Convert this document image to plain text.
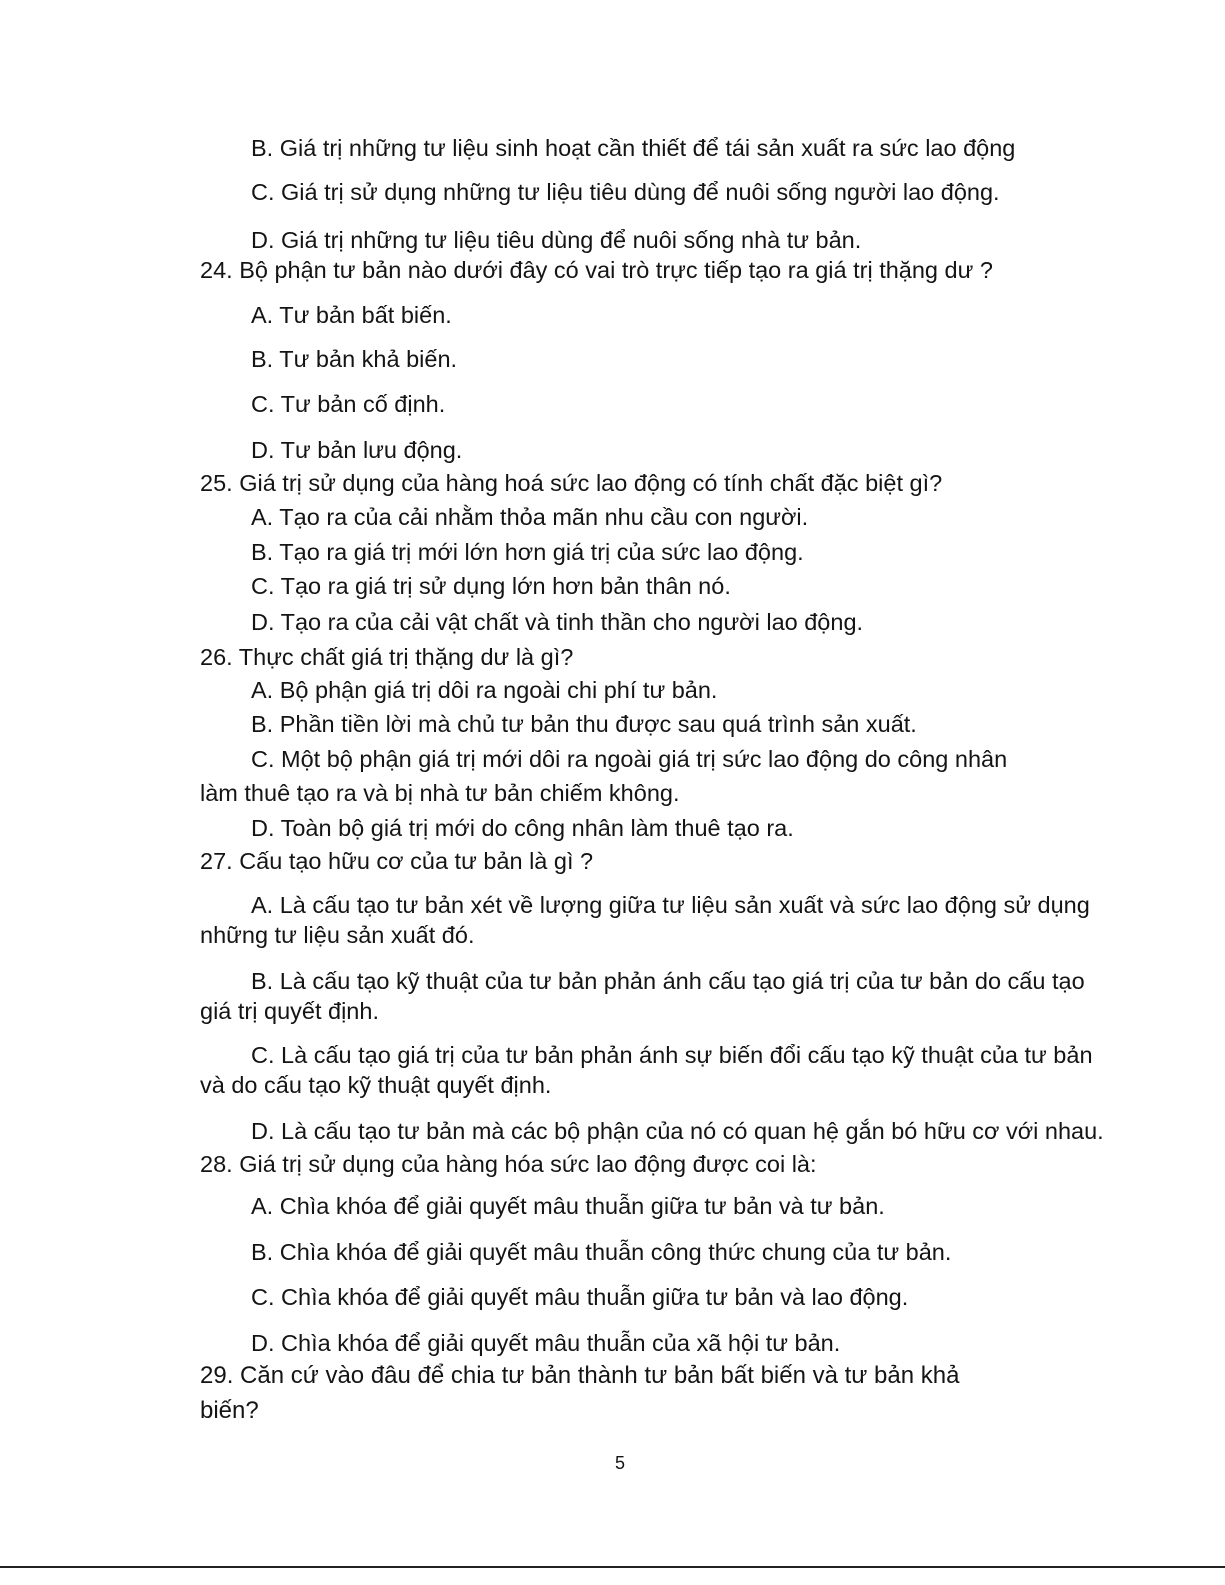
B. Giá trị những tư liệu sinh hoạt cần thiết để tái sản xuất ra sức lao động
C. Giá trị sử dụng những tư liệu tiêu dùng để nuôi sống người lao động.
D. Giá trị những tư liệu tiêu dùng để nuôi sống nhà tư bản.
24. Bộ phận tư bản nào dưới đây có vai trò trực tiếp tạo ra giá trị thặng dư ?
A. Tư bản bất biến.
B. Tư bản khả biến.
C. Tư bản cố định.
D. Tư bản lưu động.
25. Giá trị sử dụng của hàng hoá sức lao động có tính chất đặc biệt gì?
A. Tạo ra của cải nhằm thỏa mãn nhu cầu con người.
B. Tạo ra giá trị mới lớn hơn giá trị của sức lao động.
C. Tạo ra giá trị sử dụng lớn hơn bản thân nó.
D. Tạo ra của cải vật chất và tinh thần cho người lao động.
26. Thực chất giá trị thặng dư là gì?
A. Bộ phận giá trị dôi ra ngoài chi phí tư bản.
B. Phần tiền lời mà chủ tư bản thu được sau quá trình sản xuất.
C. Một bộ phận giá trị mới dôi ra ngoài giá trị sức lao động do công nhân
làm thuê tạo ra và bị nhà tư bản chiếm không.
D. Toàn bộ giá trị mới do công nhân làm thuê tạo ra.
27. Cấu tạo hữu cơ của tư bản là gì ?
A. Là cấu tạo tư bản xét về lượng giữa tư liệu sản xuất và sức lao động sử dụng
những tư liệu sản xuất đó.
B. Là cấu tạo kỹ thuật của tư bản phản ánh cấu tạo giá trị của tư bản do cấu tạo
giá trị quyết định.
C. Là cấu tạo giá trị của tư bản phản ánh sự biến đổi cấu tạo kỹ thuật của tư bản
và do cấu tạo kỹ thuật quyết định.
D. Là cấu tạo tư bản mà các bộ phận của nó có quan hệ gắn bó hữu cơ với nhau.
28. Giá trị sử dụng của hàng hóa sức lao động được coi là:
A. Chìa khóa để giải quyết mâu thuẫn giữa tư bản và tư bản.
B. Chìa khóa để giải quyết mâu thuẫn công thức chung của tư bản.
C. Chìa khóa để giải quyết mâu thuẫn giữa tư bản và lao động.
D. Chìa khóa để giải quyết mâu thuẫn của xã hội tư bản.
29. Căn cứ vào đâu để chia tư bản thành tư bản bất biến và tư bản khả
biến?
5
